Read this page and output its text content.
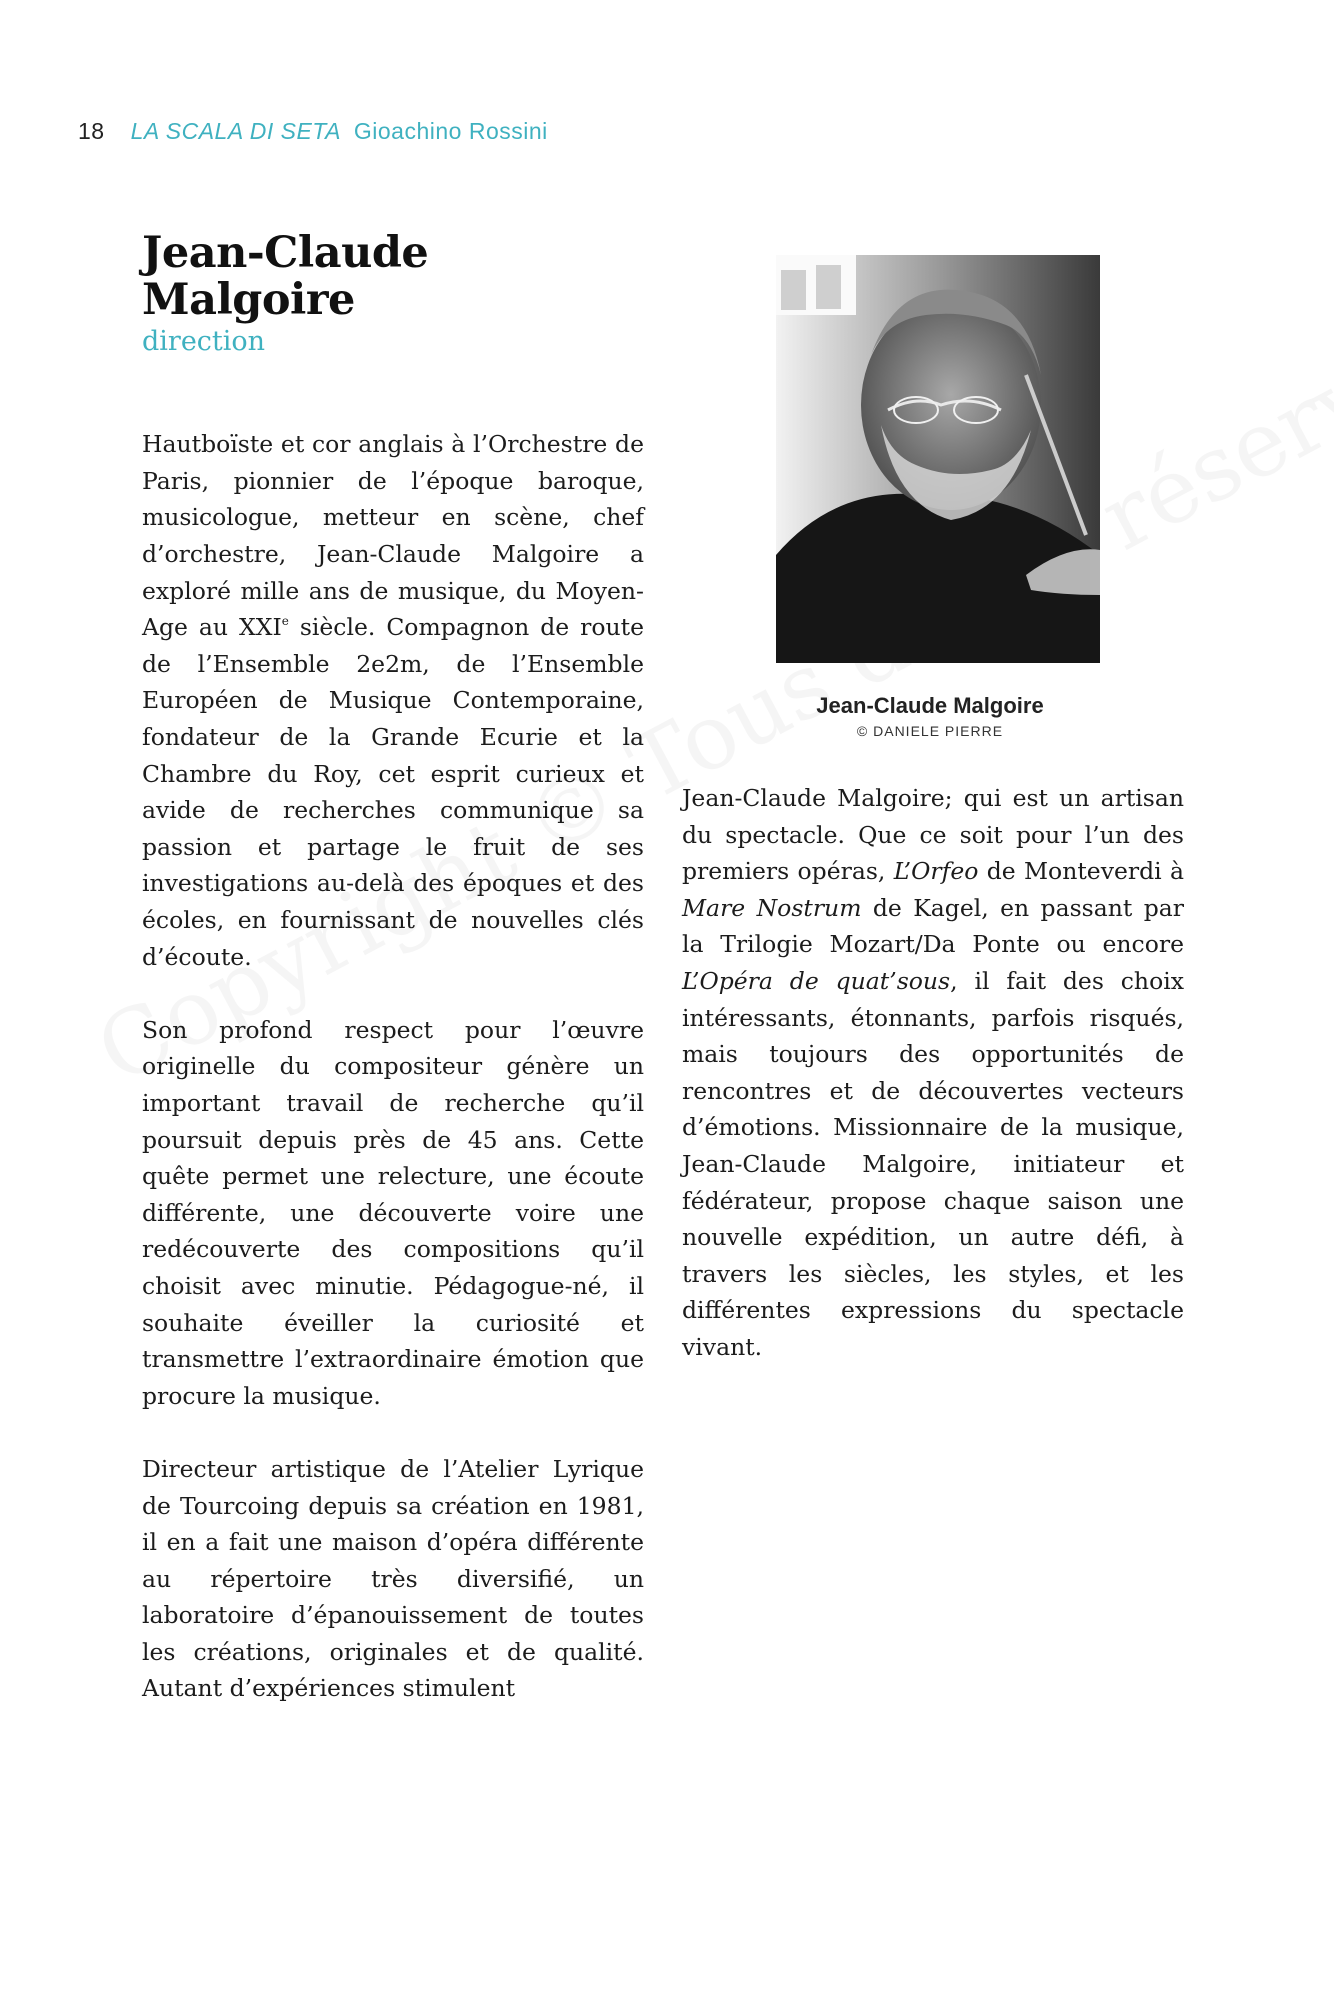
18 LA SCALA DI SETA Gioachino Rossini
Jean-Claude Malgoire
direction

Hautboïste et cor anglais à l’Orchestre de Paris, pionnier de l’époque baroque, musicologue, metteur en scène, chef d’orchestre, Jean-Claude Malgoire a exploré mille ans de musique, du Moyen-Age au XXIe siècle. Compagnon de route de l’Ensemble 2e2m, de l’Ensemble Européen de Musique Contemporaine, fondateur de la Grande Ecurie et la Chambre du Roy, cet esprit curieux et avide de recherches communique sa passion et partage le fruit de ses investigations au-delà des époques et des écoles, en fournissant de nouvelles clés d’écoute.

Son profond respect pour l’œuvre originelle du compositeur génère un important travail de recherche qu’il poursuit depuis près de 45 ans. Cette quête permet une relecture, une écoute différente, une découverte voire une redécouverte des compositions qu’il choisit avec minutie. Pédagogue-né, il souhaite éveiller la curiosité et transmettre l’extraordinaire émotion que procure la musique.

Directeur artistique de l’Atelier Lyrique de Tourcoing depuis sa création en 1981, il en a fait une maison d’opéra différente au répertoire très diversifié, un laboratoire d’épanouissement de toutes les créations, originales et de qualité. Autant d’expériences stimulent

Jean-Claude Malgoire

© DANIELE PIERRE

Jean-Claude Malgoire; qui est un artisan du spectacle. Que ce soit pour l’un des premiers opéras, L’Orfeo de Monteverdi à Mare Nostrum de Kagel, en passant par la Trilogie Mozart/Da Ponte ou encore L’Opéra de quat’sous, il fait des choix intéressants, étonnants, parfois risqués, mais toujours des opportunités de rencontres et de découvertes vecteurs d’émotions. Missionnaire de la musique, Jean-Claude Malgoire, initiateur et fédérateur, propose chaque saison une nouvelle expédition, un autre défi, à travers les siècles, les styles, et les différentes expressions du spectacle vivant.
